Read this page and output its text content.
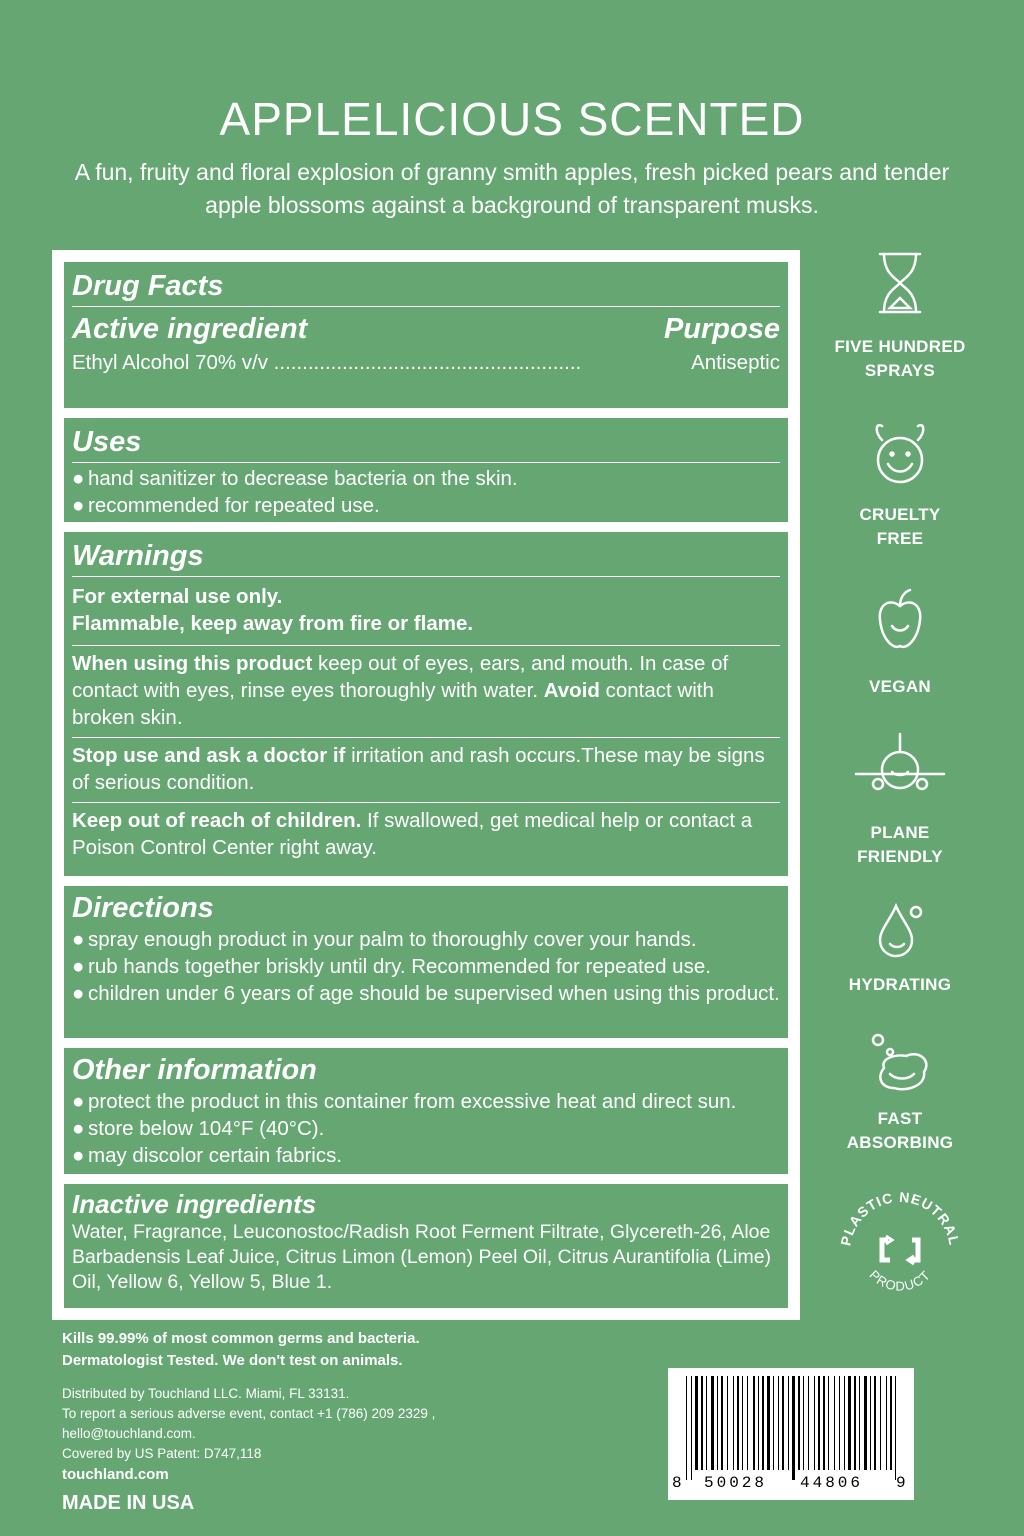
APPLELICIOUS SCENTED
A fun, fruity and floral explosion of granny smith apples, fresh picked pears and tender apple blossoms against a background of transparent musks.
Drug Facts
Active ingredient	Purpose
Ethyl Alcohol 70% v/v ......................................................	Antiseptic
Uses
● hand sanitizer to decrease bacteria on the skin.
● recommended for repeated use.
Warnings
For external use only.
Flammable, keep away from fire or flame.
When using this product keep out of eyes, ears, and mouth. In case of contact with eyes, rinse eyes thoroughly with water. Avoid contact with broken skin.
Stop use and ask a doctor if irritation and rash occurs.These may be signs of serious condition.
Keep out of reach of children. If swallowed, get medical help or contact a Poison Control Center right away.
Directions
● spray enough product in your palm to thoroughly cover your hands.
● rub hands together briskly until dry. Recommended for repeated use.
● children under 6 years of age should be supervised when using this product.
Other information
● protect the product in this container from excessive heat and direct sun.
● store below 104°F (40°C).
● may discolor certain fabrics.
Inactive ingredients
Water, Fragrance, Leuconostoc/Radish Root Ferment Filtrate, Glycereth-26, Aloe Barbadensis Leaf Juice, Citrus Limon (Lemon) Peel Oil, Citrus Aurantifolia (Lime) Oil, Yellow 6, Yellow 5, Blue 1.
FIVE HUNDRED
SPRAYS
CRUELTY
FREE
VEGAN
PLANE
FRIENDLY
HYDRATING
FAST
ABSORBING
PLASTIC NEUTRAL
PRODUCT
Kills 99.99% of most common germs and bacteria.
Dermatologist Tested. We don't test on animals.
Distributed by Touchland LLC. Miami, FL 33131.
To report a serious adverse event, contact +1 (786) 209 2329 ,
hello@touchland.com.
Covered by US Patent: D747,118
touchland.com
MADE IN USA
8 50028 44806 9
